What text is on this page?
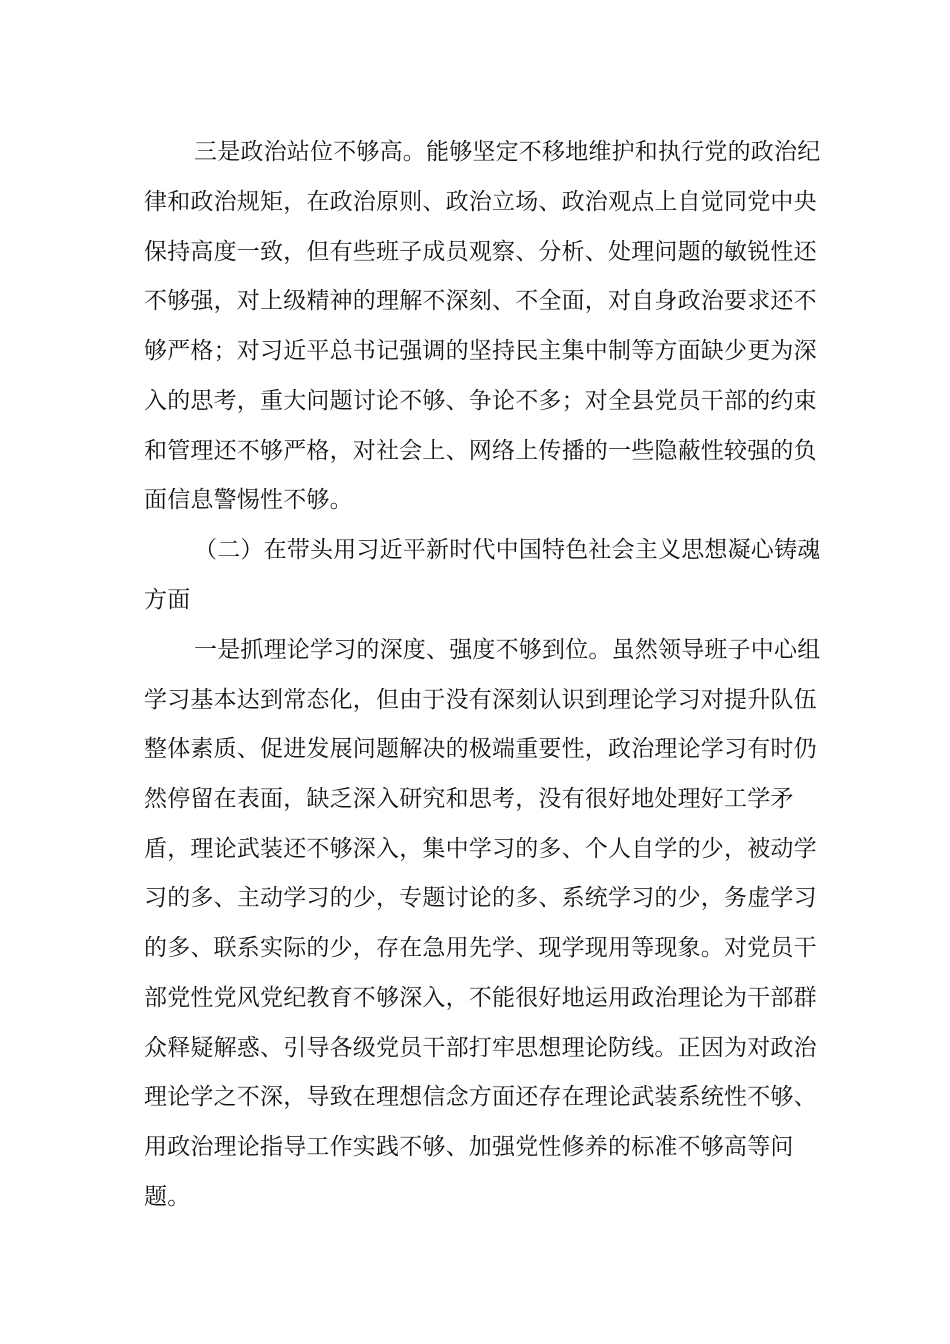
三是政治站位不够高。能够坚定不移地维护和执行党的政治纪
律和政治规矩，在政治原则、政治立场、政治观点上自觉同党中央
保持高度一致，但有些班子成员观察、分析、处理问题的敏锐性还
不够强，对上级精神的理解不深刻、不全面，对自身政治要求还不
够严格；对习近平总书记强调的坚持民主集中制等方面缺少更为深
入的思考，重大问题讨论不够、争论不多；对全县党员干部的约束
和管理还不够严格，对社会上、网络上传播的一些隐蔽性较强的负
面信息警惕性不够。
（二）在带头用习近平新时代中国特色社会主义思想凝心铸魂
方面
一是抓理论学习的深度、强度不够到位。虽然领导班子中心组
学习基本达到常态化，但由于没有深刻认识到理论学习对提升队伍
整体素质、促进发展问题解决的极端重要性，政治理论学习有时仍
然停留在表面，缺乏深入研究和思考，没有很好地处理好工学矛
盾，理论武装还不够深入，集中学习的多、个人自学的少，被动学
习的多、主动学习的少，专题讨论的多、系统学习的少，务虚学习
的多、联系实际的少，存在急用先学、现学现用等现象。对党员干
部党性党风党纪教育不够深入，不能很好地运用政治理论为干部群
众释疑解惑、引导各级党员干部打牢思想理论防线。正因为对政治
理论学之不深，导致在理想信念方面还存在理论武装系统性不够、
用政治理论指导工作实践不够、加强党性修养的标准不够高等问
题。
